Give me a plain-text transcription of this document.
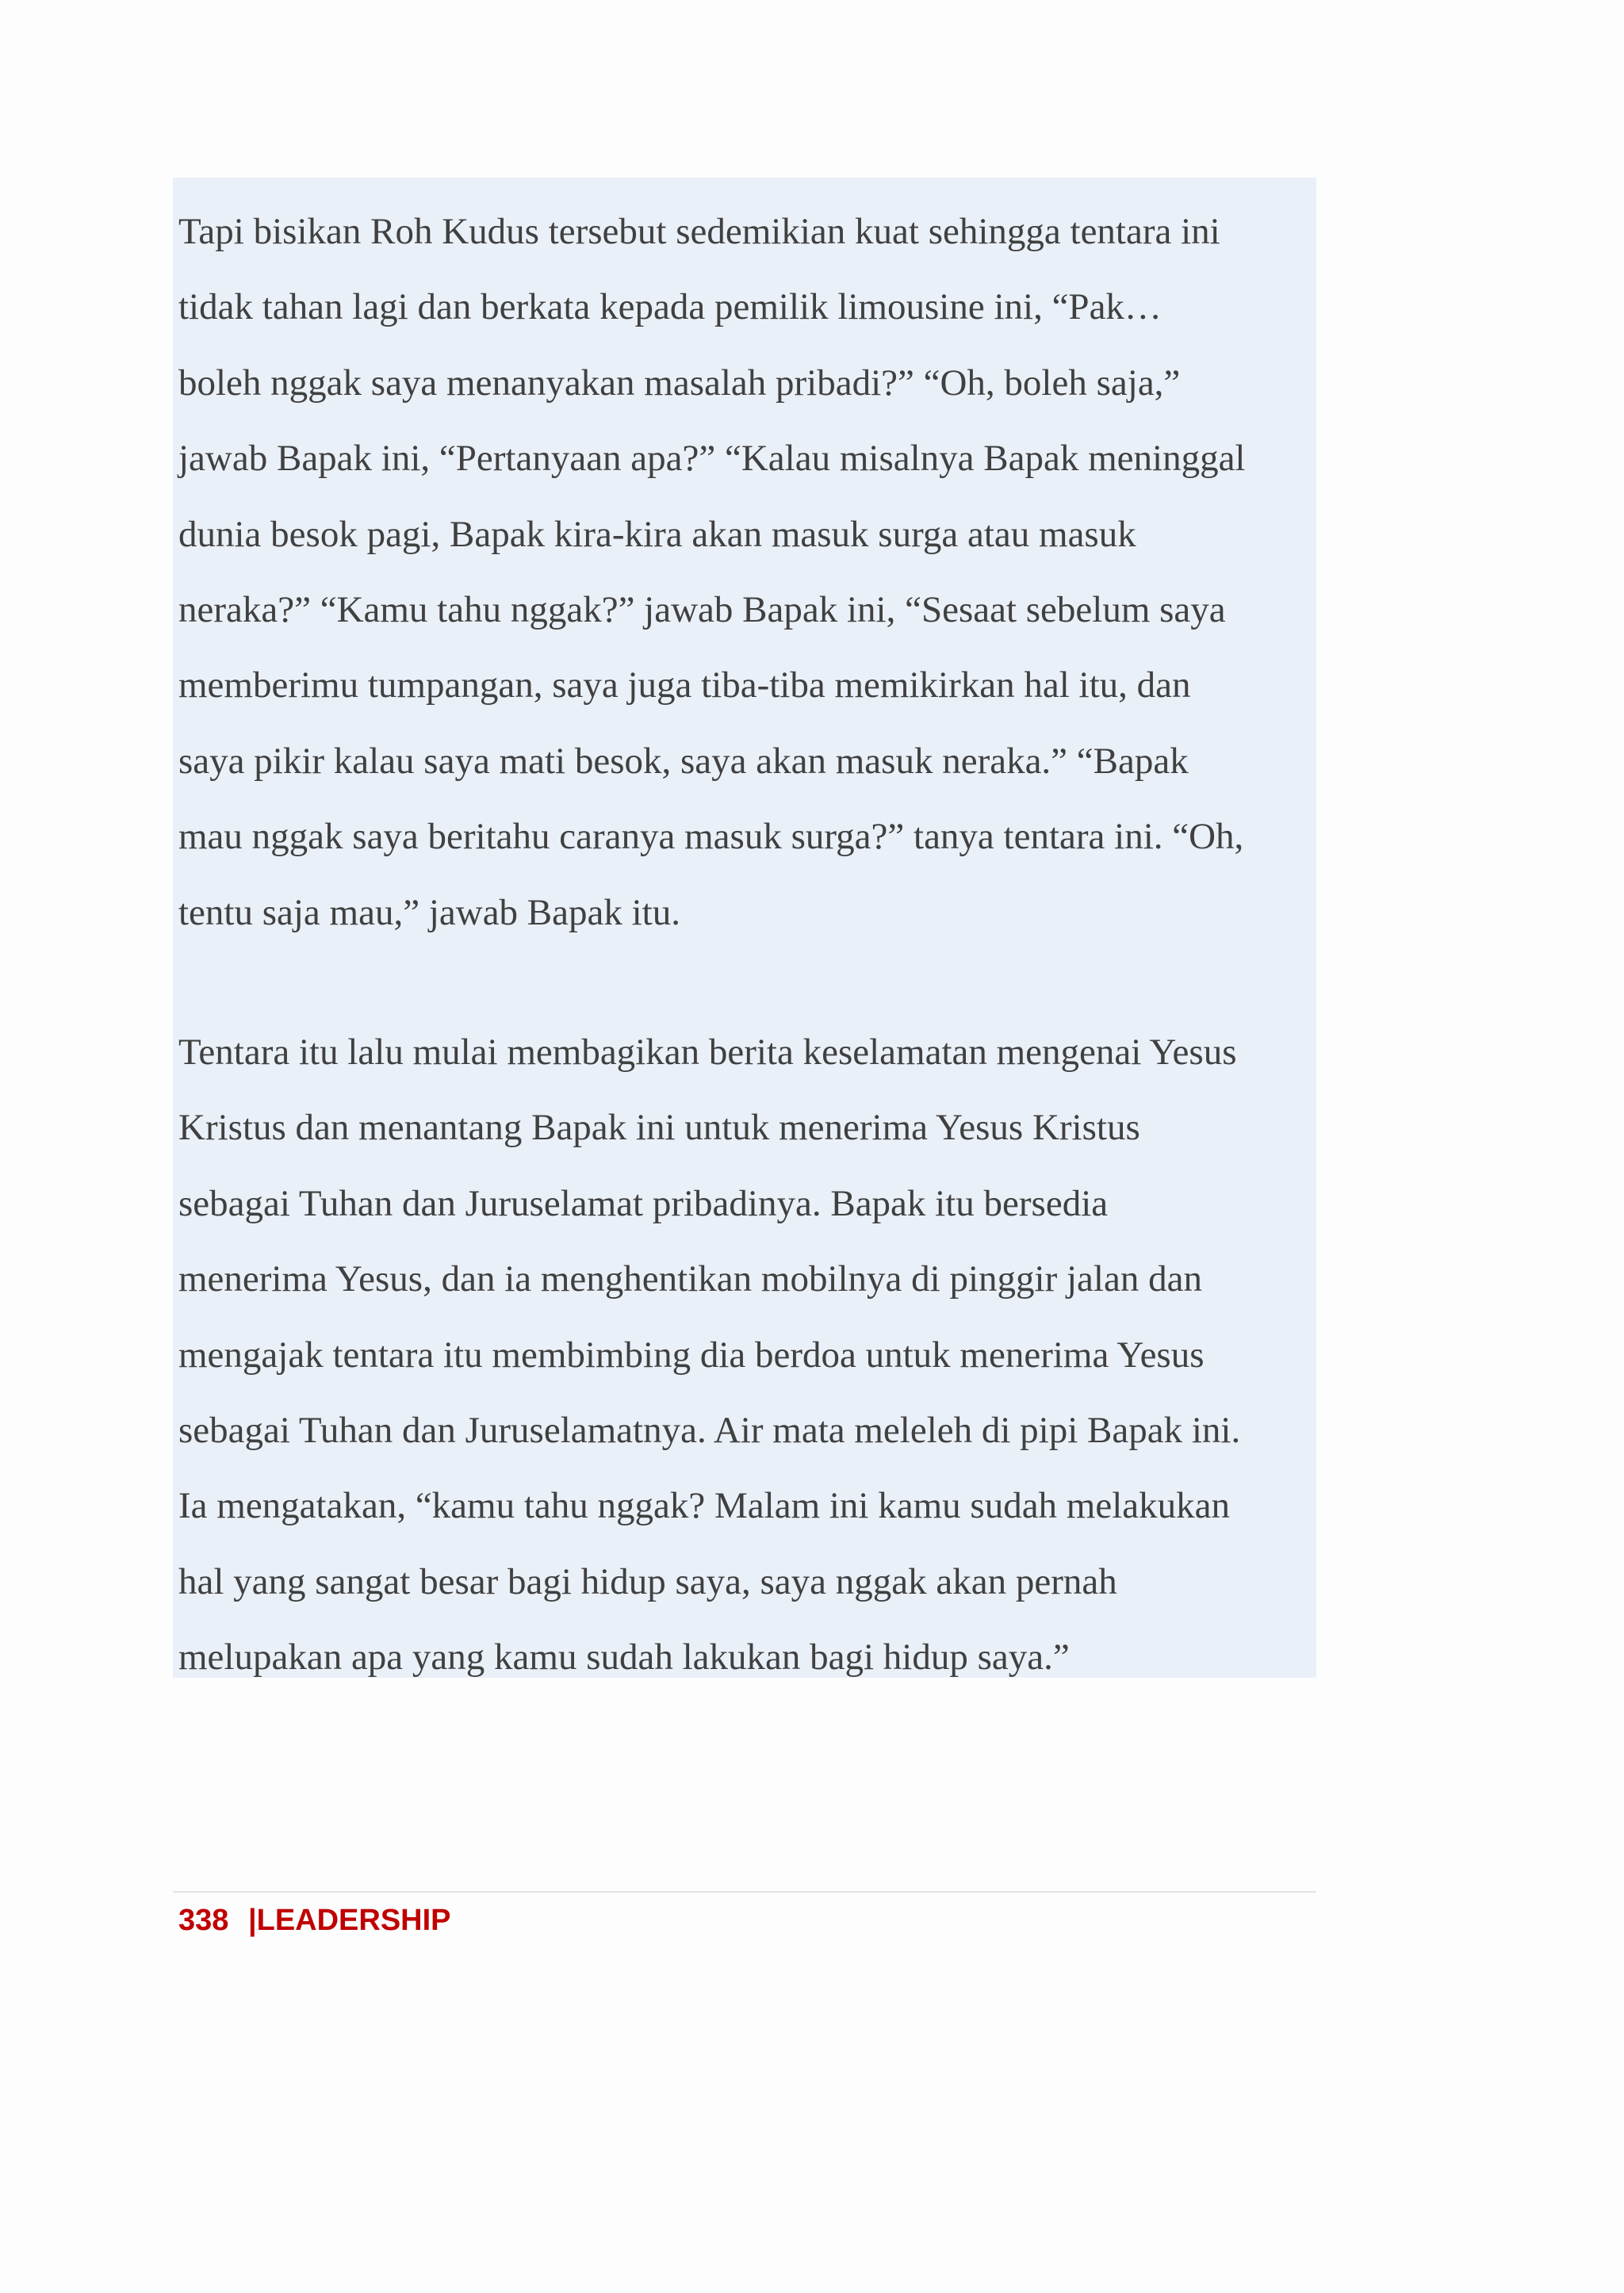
Tapi bisikan Roh Kudus tersebut sedemikian kuat sehingga tentara ini
tidak tahan lagi dan berkata kepada pemilik limousine ini, “Pak…
boleh nggak saya menanyakan masalah pribadi?” “Oh, boleh saja,”
jawab Bapak ini, “Pertanyaan apa?” “Kalau misalnya Bapak meninggal
dunia besok pagi, Bapak kira-kira akan masuk surga atau masuk
neraka?” “Kamu tahu nggak?” jawab Bapak ini, “Sesaat sebelum saya
memberimu tumpangan, saya juga tiba-tiba memikirkan hal itu, dan
saya pikir kalau saya mati besok, saya akan masuk neraka.” “Bapak
mau nggak saya beritahu caranya masuk surga?” tanya tentara ini. “Oh,
tentu saja mau,” jawab Bapak itu.

Tentara itu lalu mulai membagikan berita keselamatan mengenai Yesus
Kristus dan menantang Bapak ini untuk menerima Yesus Kristus
sebagai Tuhan dan Juruselamat pribadinya. Bapak itu bersedia
menerima Yesus, dan ia menghentikan mobilnya di pinggir jalan dan
mengajak tentara itu membimbing dia berdoa untuk menerima Yesus
sebagai Tuhan dan Juruselamatnya. Air mata meleleh di pipi Bapak ini.
Ia mengatakan, “kamu tahu nggak? Malam ini kamu sudah melakukan
hal yang sangat besar bagi hidup saya, saya nggak akan pernah
melupakan apa yang kamu sudah lakukan bagi hidup saya.”

338 |LEADERSHIP
